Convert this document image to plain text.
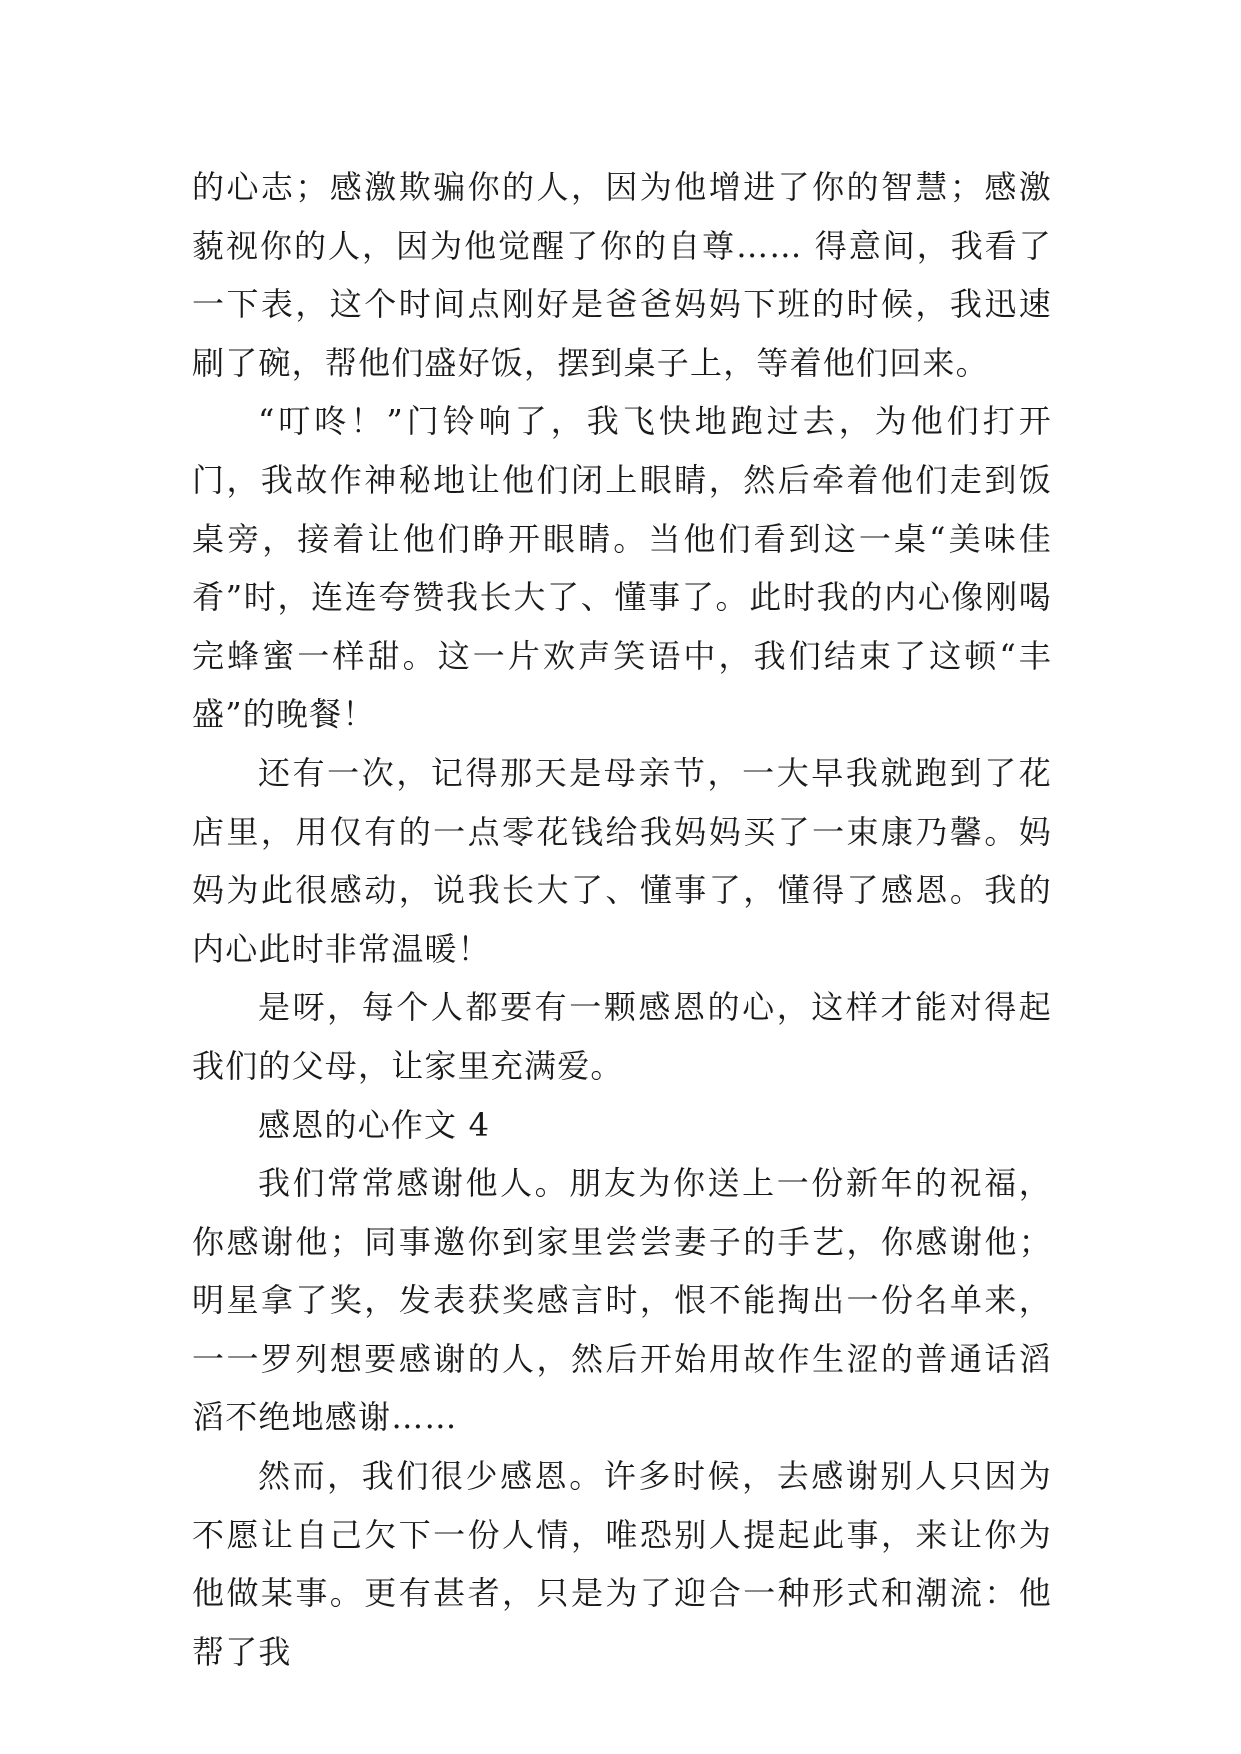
的心志；感激欺骗你的人，因为他增进了你的智慧；感激藐视你的人，因为他觉醒了你的自尊…… 得意间，我看了一下表，这个时间点刚好是爸爸妈妈下班的时候，我迅速刷了碗，帮他们盛好饭，摆到桌子上，等着他们回来。

“叮咚！”门铃响了，我飞快地跑过去，为他们打开门，我故作神秘地让他们闭上眼睛，然后牵着他们走到饭桌旁，接着让他们睁开眼睛。当他们看到这一桌“美味佳肴”时，连连夸赞我长大了、懂事了。此时我的内心像刚喝完蜂蜜一样甜。这一片欢声笑语中，我们结束了这顿“丰盛”的晚餐！

还有一次，记得那天是母亲节，一大早我就跑到了花店里，用仅有的一点零花钱给我妈妈买了一束康乃馨。妈妈为此很感动，说我长大了、懂事了，懂得了感恩。我的内心此时非常温暖！

是呀，每个人都要有一颗感恩的心，这样才能对得起我们的父母，让家里充满爱。

感恩的心作文 4

我们常常感谢他人。朋友为你送上一份新年的祝福，你感谢他；同事邀你到家里尝尝妻子的手艺，你感谢他；明星拿了奖，发表获奖感言时，恨不能掏出一份名单来，一一罗列想要感谢的人，然后开始用故作生涩的普通话滔滔不绝地感谢……

然而，我们很少感恩。许多时候，去感谢别人只因为不愿让自己欠下一份人情，唯恐别人提起此事，来让你为他做某事。更有甚者，只是为了迎合一种形式和潮流：他帮了我
